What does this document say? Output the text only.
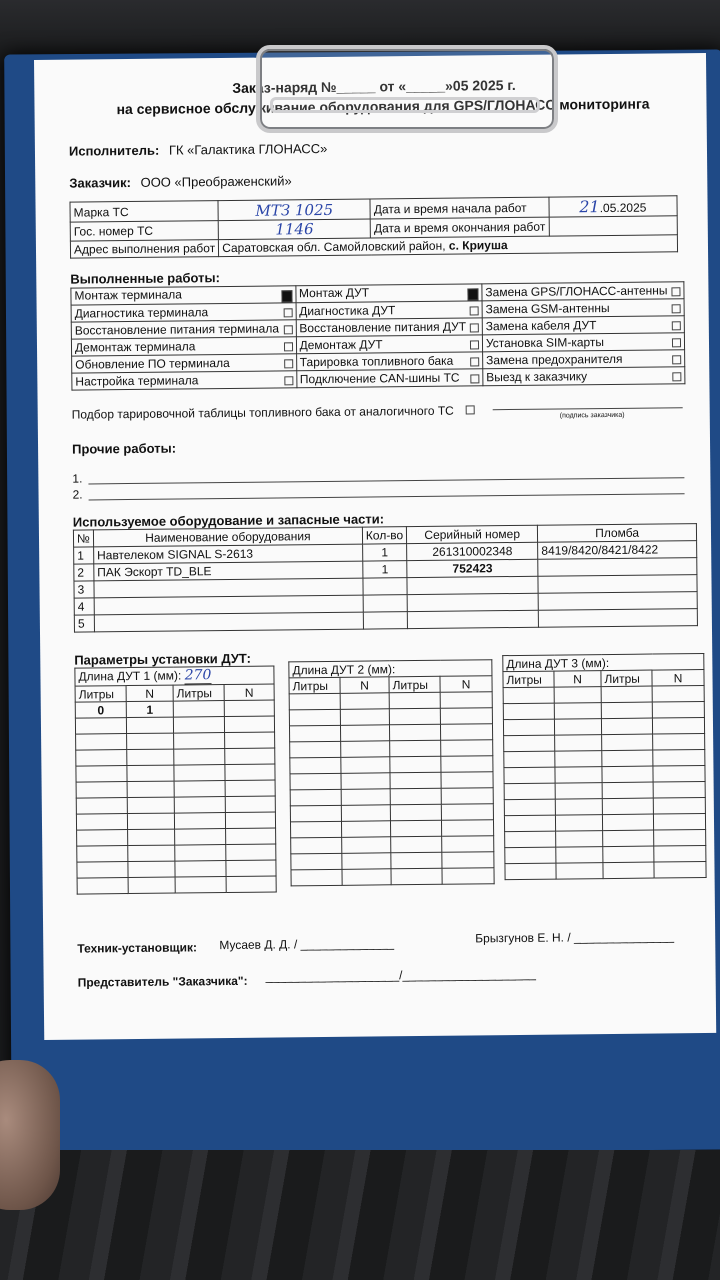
Заказ-наряд №_____ от «_____»05 2025 г.
на сервисное обслуживание оборудования для GPS/ГЛОНАСС мониторинга
Исполнитель: ГК «Галактика ГЛОНАСС»
Заказчик: ООО «Преображенский»
Марка ТС	МТЗ 1025	Дата и время начала работ	21.05.2025
Гос. номер ТС	1146	Дата и время окончания работ	
Адрес выполнения работ	Саратовская обл. Самойловский район, с. Криуша		
Выполненные работы:
Монтаж терминала	Монтаж ДУТ	Замена GPS/ГЛОНАСС-антенны

Диагностика терминала	Диагностика ДУТ	Замена GSM-антенны

Восстановление питания терминала	Восстановление питания ДУТ	Замена кабеля ДУТ

Демонтаж терминала	Демонтаж ДУТ	Установка SIM-карты

Обновление ПО терминала	Тарировка топливного бака	Замена предохранителя

Настройка терминала	Подключение CAN-шины ТС	Выезд к заказчику
Подбор тарировочной таблицы топливного бака от аналогичного ТС	(подпись заказчика)
Прочие работы:
1.
2.
Используемое оборудование и запасные части:
№	Наименование оборудования	Кол-во	Серийный номер	Пломба
1	Навтелеком SIGNAL S-2613	1	261310002348	8419/8420/8421/8422
2	ПАК Эскорт TD_BLE	1	752423	
3				
4				
5				
Параметры установки ДУТ:
Длина ДУТ 1 (мм): 270			
Литры	N	Литры	N
0	1		

Длина ДУТ 2 (мм):			
Литры	N	Литры	N

Длина ДУТ 3 (мм):			
Литры	N	Литры	N

Техник-установщик: Мусаев Д. Д. / ______________	Брызгунов Е. Н. / _______________
Представитель "Заказчика": ____________________/____________________
